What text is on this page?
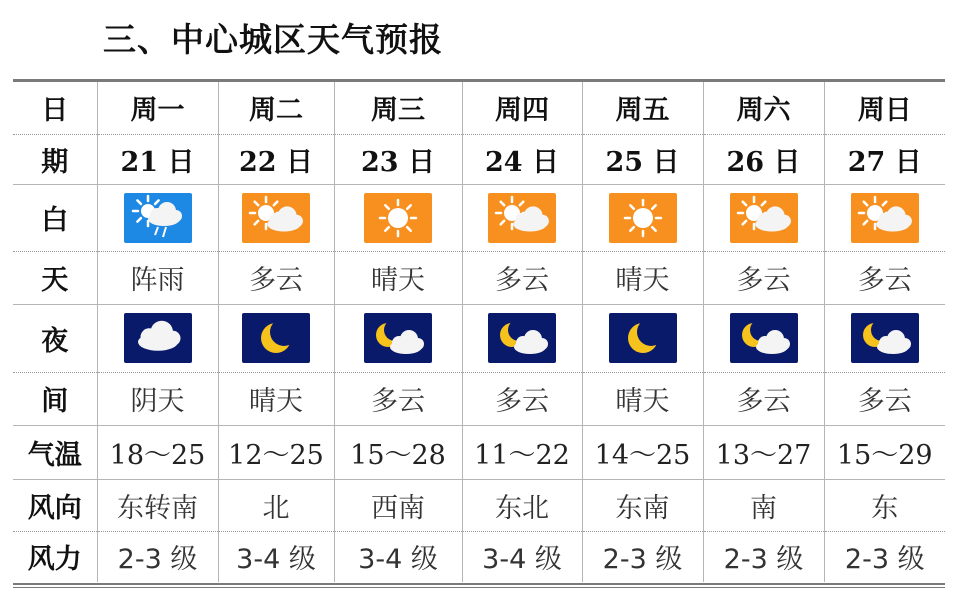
三、中心城区天气预报
日	周一	周二	周三	周四	周五	周六	周日
期	21 日	22 日	23 日	24 日	25 日	26 日	27 日
白	

天	阵雨	多云	晴天	多云	晴天	多云	多云
夜	

间	阴天	晴天	多云	多云	晴天	多云	多云
气温	18～25	12～25	15～28	11～22	14～25	13～27	15～29
风向	东转南	北	西南	东北	东南	南	东
风力	2-3 级	3-4 级	3-4 级	3-4 级	2-3 级	2-3 级	2-3 级
